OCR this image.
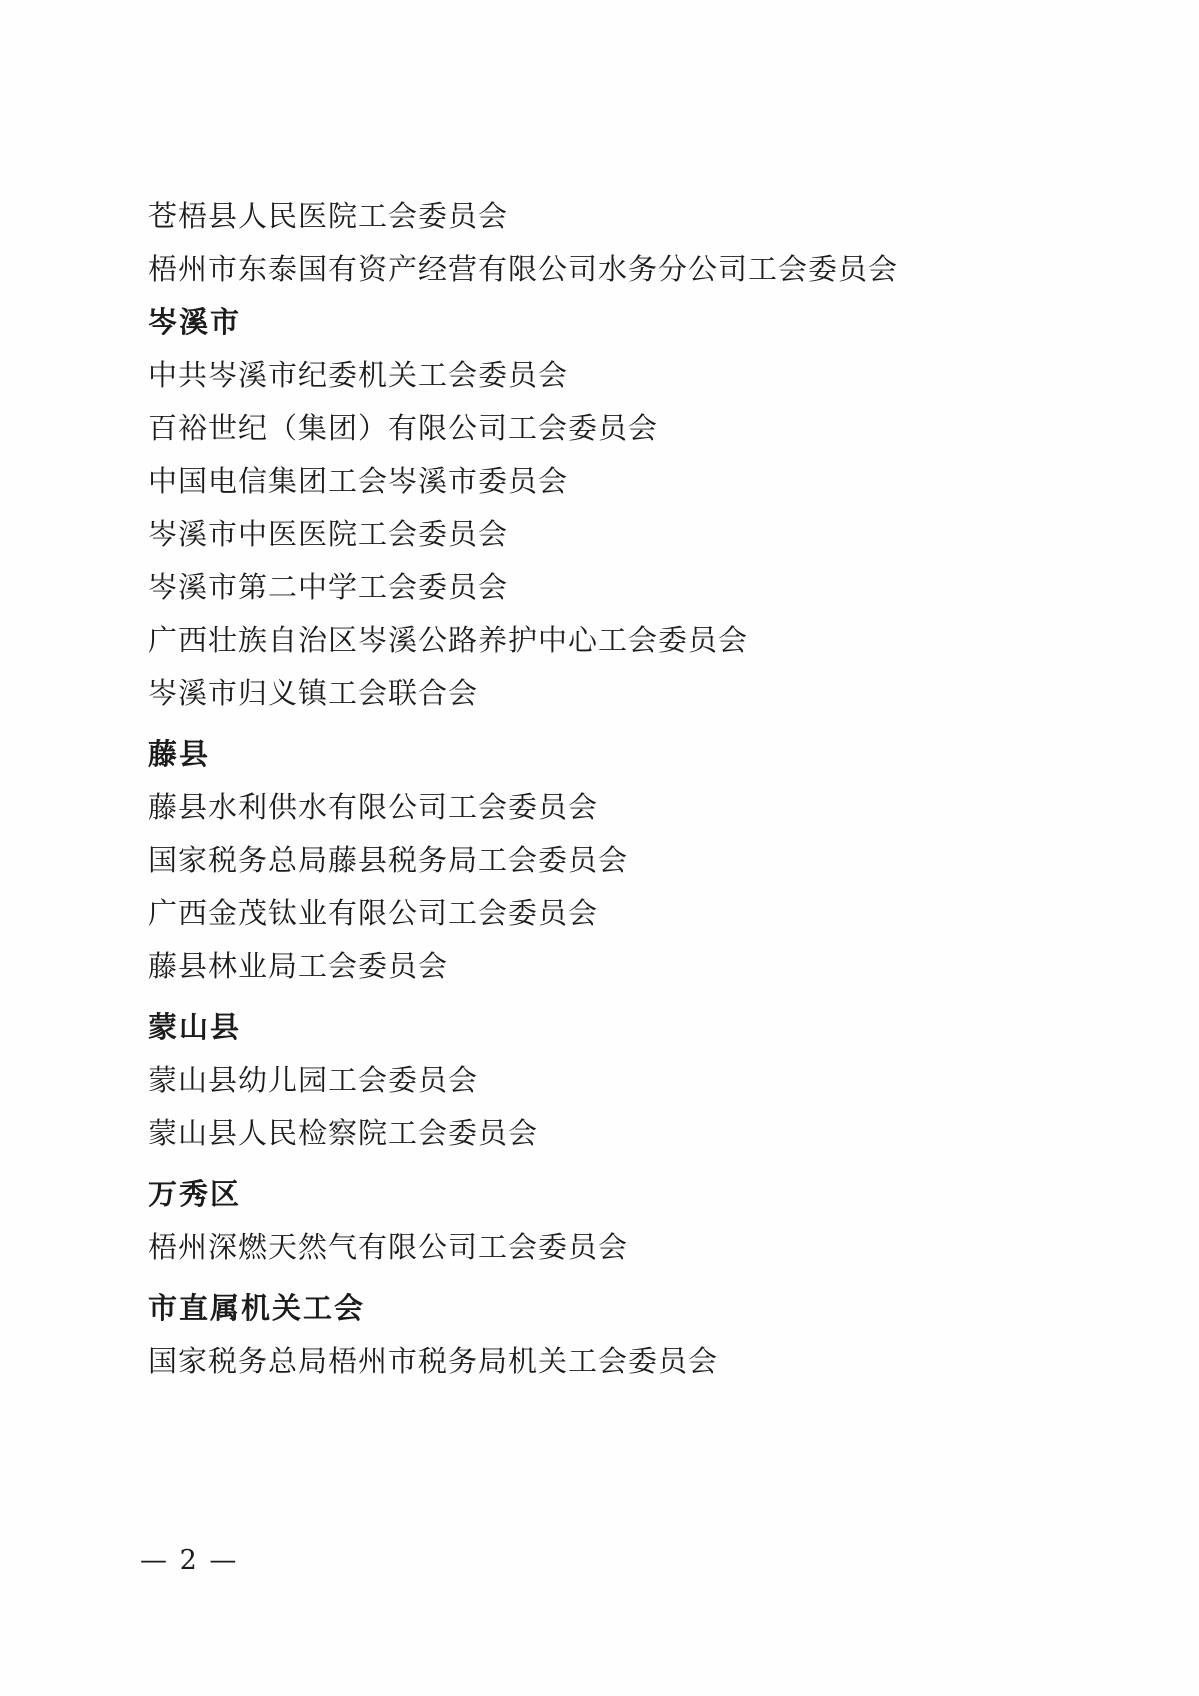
苍梧县人民医院工会委员会
梧州市东泰国有资产经营有限公司水务分公司工会委员会
岑溪市
中共岑溪市纪委机关工会委员会
百裕世纪（集团）有限公司工会委员会
中国电信集团工会岑溪市委员会
岑溪市中医医院工会委员会
岑溪市第二中学工会委员会
广西壮族自治区岑溪公路养护中心工会委员会
岑溪市归义镇工会联合会
藤县
藤县水利供水有限公司工会委员会
国家税务总局藤县税务局工会委员会
广西金茂钛业有限公司工会委员会
藤县林业局工会委员会
蒙山县
蒙山县幼儿园工会委员会
蒙山县人民检察院工会委员会
万秀区
梧州深燃天然气有限公司工会委员会
市直属机关工会
国家税务总局梧州市税务局机关工会委员会
— 2 —
